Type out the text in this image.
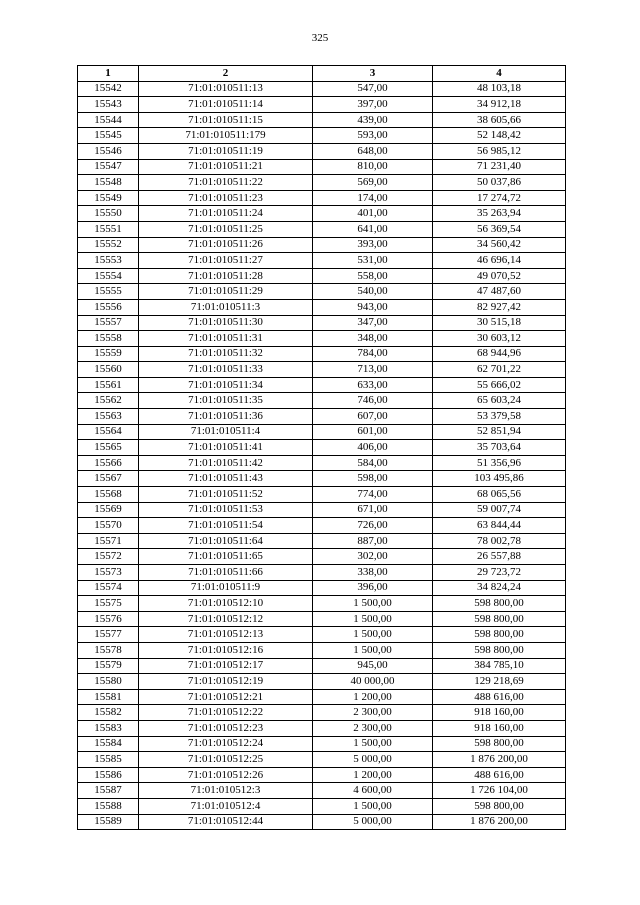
325
1	2	3	4
15542	71:01:010511:13	547,00	48 103,18
15543	71:01:010511:14	397,00	34 912,18
15544	71:01:010511:15	439,00	38 605,66
15545	71:01:010511:179	593,00	52 148,42
15546	71:01:010511:19	648,00	56 985,12
15547	71:01:010511:21	810,00	71 231,40
15548	71:01:010511:22	569,00	50 037,86
15549	71:01:010511:23	174,00	17 274,72
15550	71:01:010511:24	401,00	35 263,94
15551	71:01:010511:25	641,00	56 369,54
15552	71:01:010511:26	393,00	34 560,42
15553	71:01:010511:27	531,00	46 696,14
15554	71:01:010511:28	558,00	49 070,52
15555	71:01:010511:29	540,00	47 487,60
15556	71:01:010511:3	943,00	82 927,42
15557	71:01:010511:30	347,00	30 515,18
15558	71:01:010511:31	348,00	30 603,12
15559	71:01:010511:32	784,00	68 944,96
15560	71:01:010511:33	713,00	62 701,22
15561	71:01:010511:34	633,00	55 666,02
15562	71:01:010511:35	746,00	65 603,24
15563	71:01:010511:36	607,00	53 379,58
15564	71:01:010511:4	601,00	52 851,94
15565	71:01:010511:41	406,00	35 703,64
15566	71:01:010511:42	584,00	51 356,96
15567	71:01:010511:43	598,00	103 495,86
15568	71:01:010511:52	774,00	68 065,56
15569	71:01:010511:53	671,00	59 007,74
15570	71:01:010511:54	726,00	63 844,44
15571	71:01:010511:64	887,00	78 002,78
15572	71:01:010511:65	302,00	26 557,88
15573	71:01:010511:66	338,00	29 723,72
15574	71:01:010511:9	396,00	34 824,24
15575	71:01:010512:10	1 500,00	598 800,00
15576	71:01:010512:12	1 500,00	598 800,00
15577	71:01:010512:13	1 500,00	598 800,00
15578	71:01:010512:16	1 500,00	598 800,00
15579	71:01:010512:17	945,00	384 785,10
15580	71:01:010512:19	40 000,00	129 218,69
15581	71:01:010512:21	1 200,00	488 616,00
15582	71:01:010512:22	2 300,00	918 160,00
15583	71:01:010512:23	2 300,00	918 160,00
15584	71:01:010512:24	1 500,00	598 800,00
15585	71:01:010512:25	5 000,00	1 876 200,00
15586	71:01:010512:26	1 200,00	488 616,00
15587	71:01:010512:3	4 600,00	1 726 104,00
15588	71:01:010512:4	1 500,00	598 800,00
15589	71:01:010512:44	5 000,00	1 876 200,00
